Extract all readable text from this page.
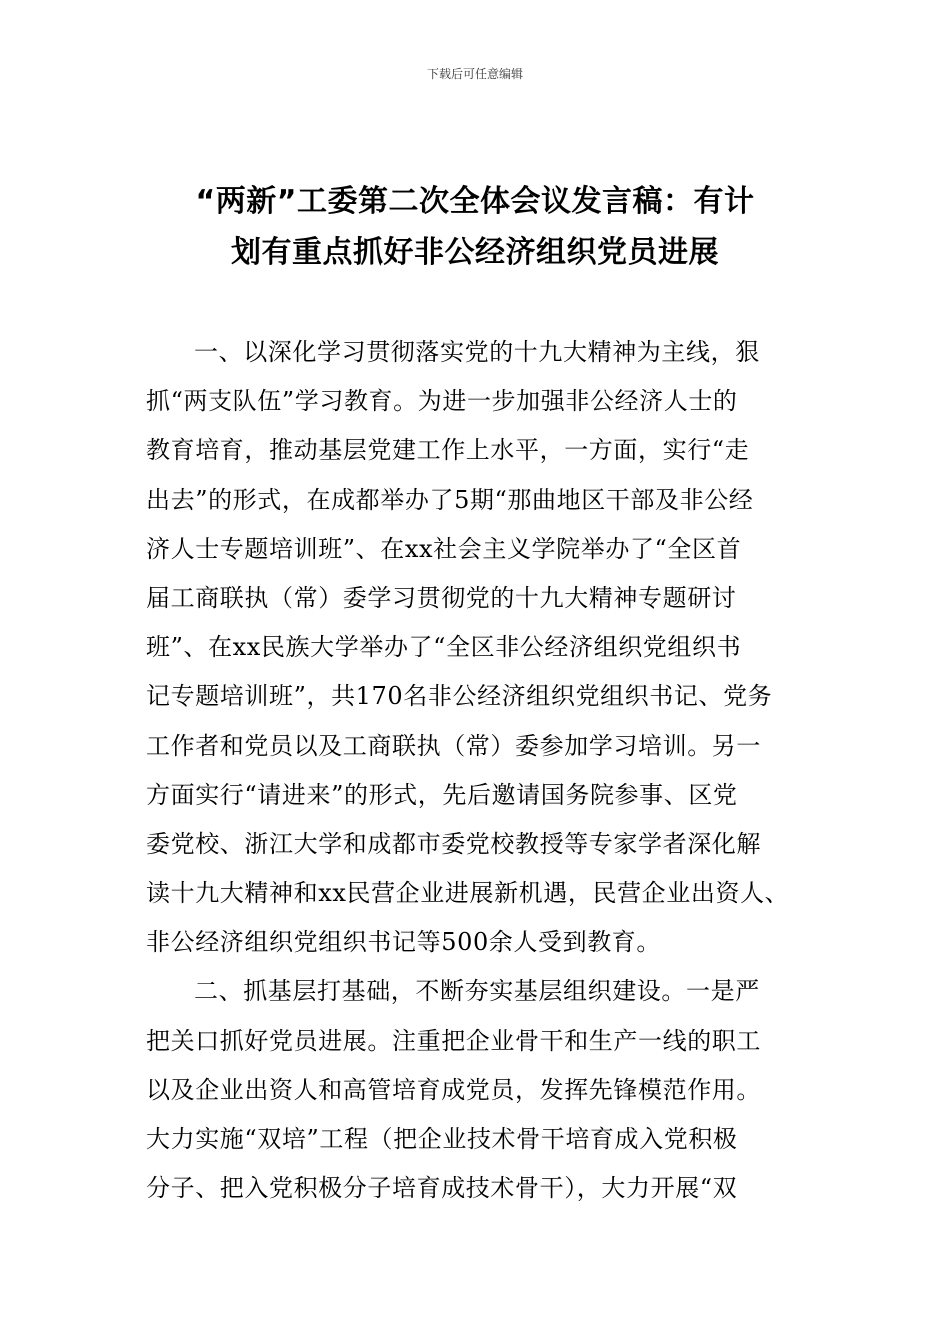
下载后可任意编辑
“两新”工委第二次全体会议发言稿：有计
划有重点抓好非公经济组织党员进展
一、以深化学习贯彻落实党的十九大精神为主线，狠
抓“两支队伍”学习教育。为进一步加强非公经济人士的
教育培育，推动基层党建工作上水平，一方面，实行“走
出去”的形式，在成都举办了5期“那曲地区干部及非公经
济人士专题培训班”、在xx社会主义学院举办了“全区首
届工商联执（常）委学习贯彻党的十九大精神专题研讨
班”、在xx民族大学举办了“全区非公经济组织党组织书
记专题培训班”，共170名非公经济组织党组织书记、党务
工作者和党员以及工商联执（常）委参加学习培训。另一
方面实行“请进来”的形式，先后邀请国务院参事、区党
委党校、浙江大学和成都市委党校教授等专家学者深化解
读十九大精神和xx民营企业进展新机遇，民营企业出资人、
非公经济组织党组织书记等500余人受到教育。
二、抓基层打基础，不断夯实基层组织建设。一是严
把关口抓好党员进展。注重把企业骨干和生产一线的职工
以及企业出资人和高管培育成党员，发挥先锋模范作用。
大力实施“双培”工程（把企业技术骨干培育成入党积极
分子、把入党积极分子培育成技术骨干），大力开展“双
